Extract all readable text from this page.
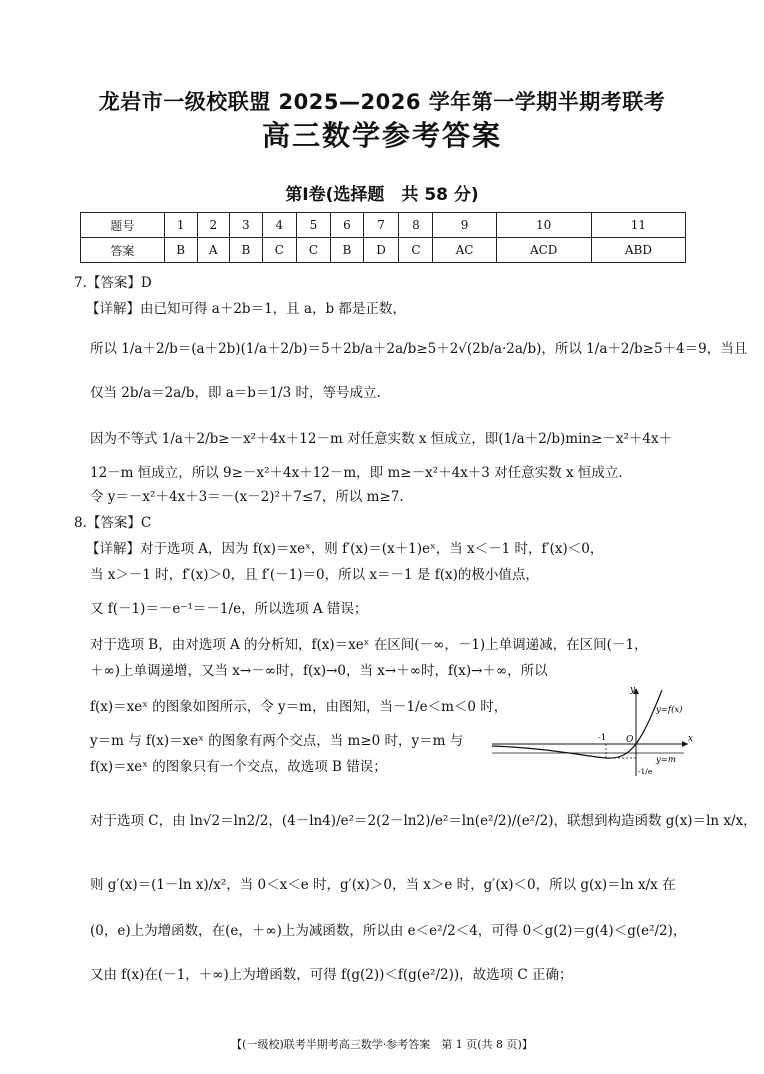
龙岩市一级校联盟 2025—2026 学年第一学期半期考联考
高三数学参考答案
第Ⅰ卷(选择题　共 58 分)
题号	1	2	3	4	5	6	7	8	9	10	11
答案	B	A	B	C	C	B	D	C	AC	ACD	ABD
7.【答案】D
【详解】由已知可得 a＋2b＝1，且 a，b 都是正数，
所以 1/a＋2/b＝(a＋2b)(1/a＋2/b)＝5＋2b/a＋2a/b≥5＋2√(2b/a·2a/b)，所以 1/a＋2/b≥5＋4＝9，当且
仅当 2b/a＝2a/b，即 a＝b＝1/3 时，等号成立.
因为不等式 1/a＋2/b≥－x²＋4x＋12－m 对任意实数 x 恒成立，即(1/a＋2/b)min≥－x²＋4x＋
12－m 恒成立，所以 9≥－x²＋4x＋12－m，即 m≥－x²＋4x＋3 对任意实数 x 恒成立.
令 y＝－x²＋4x＋3＝－(x－2)²＋7≤7，所以 m≥7.
8.【答案】C
【详解】对于选项 A，因为 f(x)＝xeˣ，则 f′(x)＝(x＋1)eˣ，当 x＜－1 时，f′(x)＜0，
当 x＞－1 时，f′(x)＞0，且 f′(－1)＝0，所以 x＝－1 是 f(x)的极小值点，
又 f(－1)＝－e⁻¹＝－1/e，所以选项 A 错误；
对于选项 B，由对选项 A 的分析知，f(x)＝xeˣ 在区间(－∞，－1)上单调递减，在区间(－1，
＋∞)上单调递增，又当 x→－∞时，f(x)→0，当 x→＋∞时，f(x)→＋∞，所以
f(x)＝xeˣ 的图象如图所示，令 y＝m，由图知，当－1/e＜m＜0 时，
y＝m 与 f(x)＝xeˣ 的图象有两个交点，当 m≥0 时，y＝m 与
f(x)＝xeˣ 的图象只有一个交点，故选项 B 错误；
对于选项 C，由 ln√2＝ln2/2，(4－ln4)/e²＝2(2－ln2)/e²＝ln(e²/2)/(e²/2)，联想到构造函数 g(x)＝ln x/x，
则 g′(x)＝(1－ln x)/x²，当 0＜x＜e 时，g′(x)＞0，当 x＞e 时，g′(x)＜0，所以 g(x)＝ln x/x 在
(0，e)上为增函数，在(e，＋∞)上为减函数，所以由 e＜e²/2＜4，可得 0＜g(2)＝g(4)＜g(e²/2)，
又由 f(x)在(－1，＋∞)上为增函数，可得 f(g(2))＜f(g(e²/2))，故选项 C 正确；
y
x
y=f(x)
y=m
O
-1
-1/e
【(一级校)联考半期考高三数学·参考答案　第 1 页(共 8 页)】
